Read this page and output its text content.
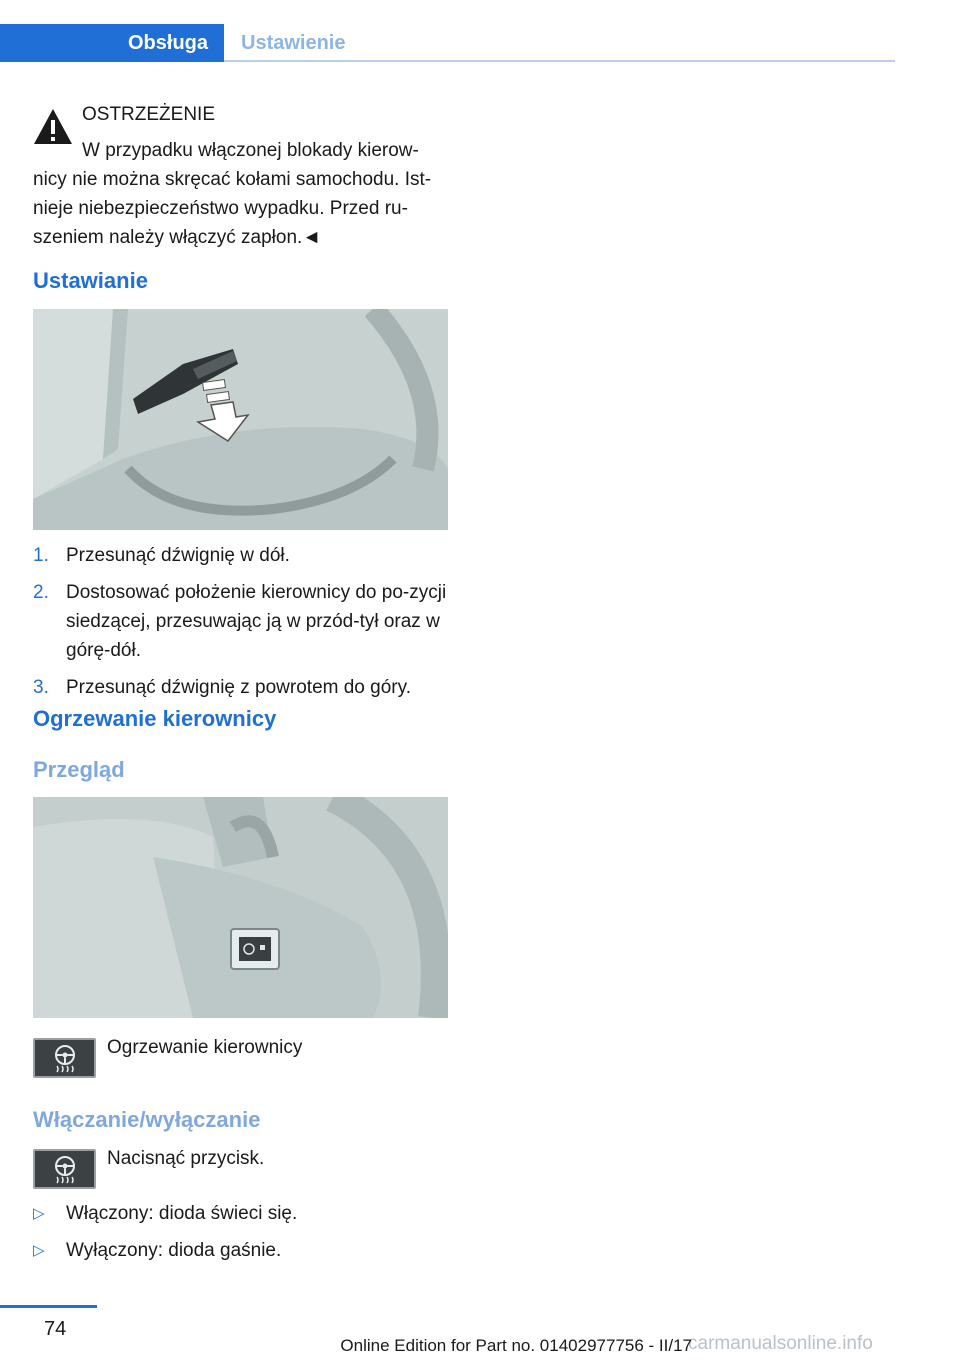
Obsługa	Ustawienie
OSTRZEŻENIE
W przypadku włączonej blokady kierow-nicy nie można skręcać kołami samochodu. Ist-nieje niebezpieczeństwo wypadku. Przed ru-szeniem należy włączyć zapłon.◄
Ustawianie
1. Przesunąć dźwignię w dół.
2. Dostosować położenie kierownicy do po-zycji siedzącej, przesuwając ją w przód-tył oraz w górę-dół.
3. Przesunąć dźwignię z powrotem do góry.
Ogrzewanie kierownicy
Przegląd
Ogrzewanie kierownicy
Włączanie/wyłączanie
Nacisnąć przycisk.
▷ Włączony: dioda świeci się.
▷ Wyłączony: dioda gaśnie.
74
carmanualsonline.info
Online Edition for Part no. 01402977756 - II/17
